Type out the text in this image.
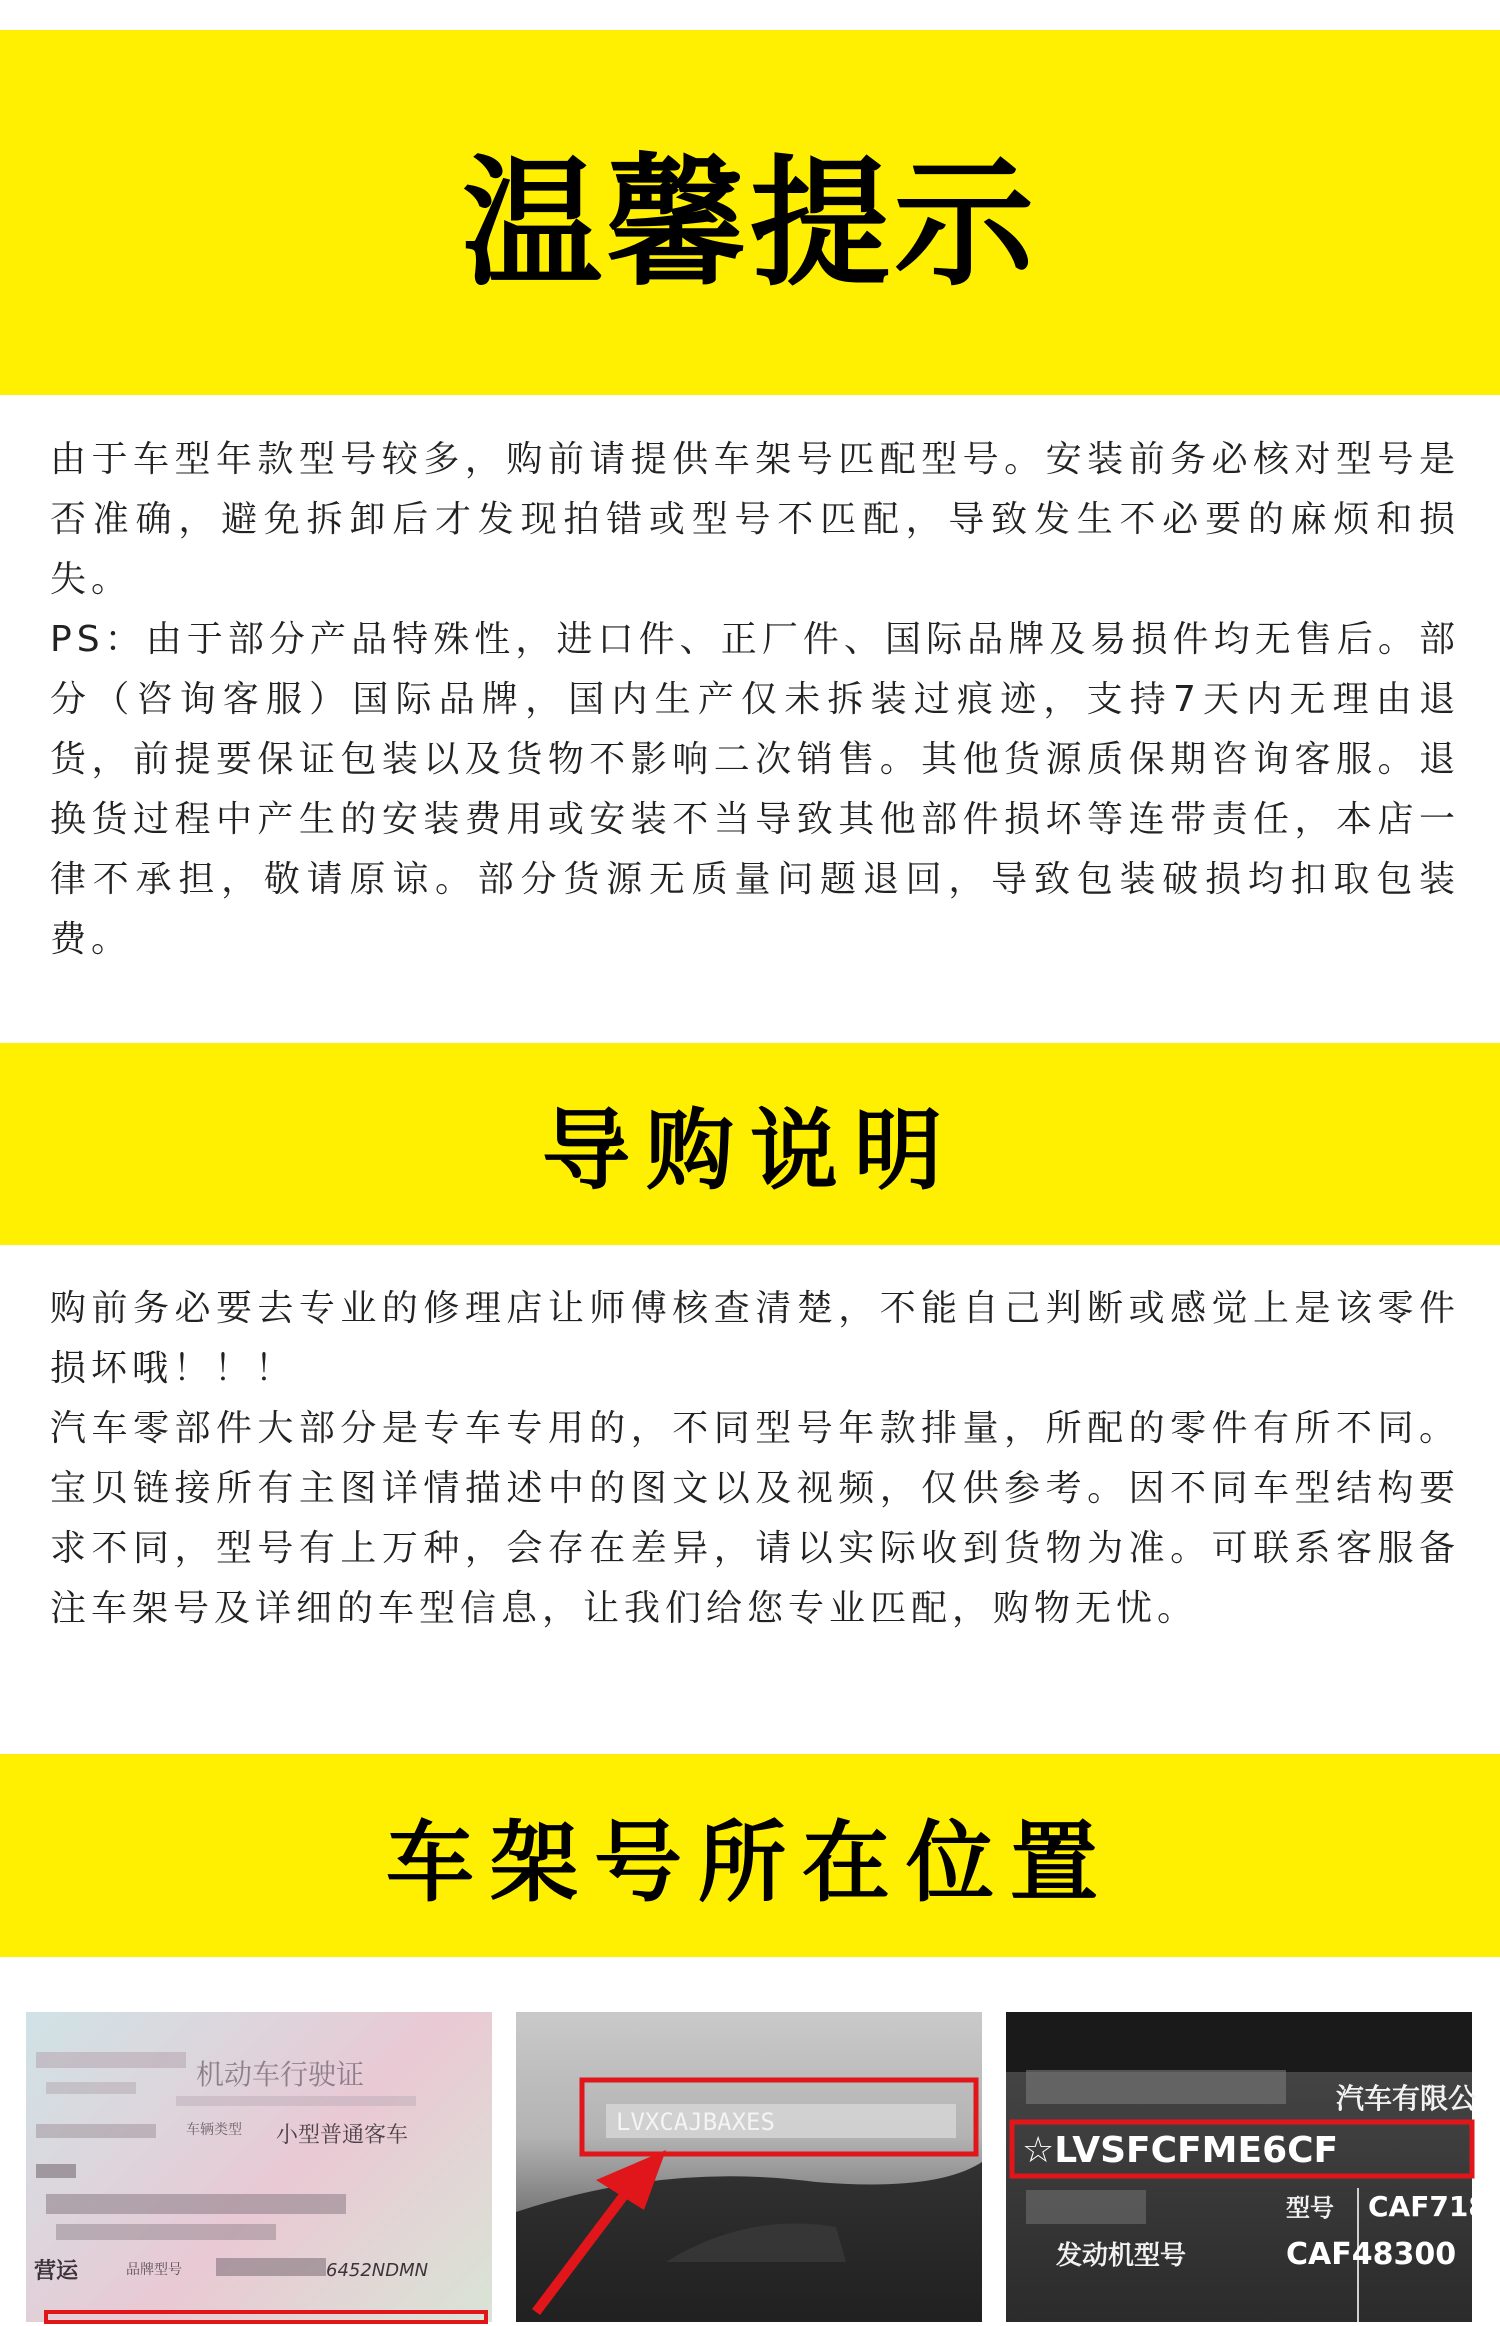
温馨提示

由于车型年款型号较多，购前请提供车架号匹配型号。安装前务必核对型号是否准确，避免拆卸后才发现拍错或型号不匹配，导致发生不必要的麻烦和损失。

PS：由于部分产品特殊性，进口件、正厂件、国际品牌及易损件均无售后。部分（咨询客服）国际品牌，国内生产仅未拆装过痕迹，支持7天内无理由退货，前提要保证包装以及货物不影响二次销售。其他货源质保期咨询客服。退换货过程中产生的安装费用或安装不当导致其他部件损坏等连带责任，本店一律不承担，敬请原谅。部分货源无质量问题退回，导致包装破损均扣取包装费。

导购说明

购前务必要去专业的修理店让师傅核查清楚，不能自己判断或感觉上是该零件损坏哦！！！

汽车零部件大部分是专车专用的，不同型号年款排量，所配的零件有所不同。宝贝链接所有主图详情描述中的图文以及视频，仅供参考。因不同车型结构要求不同，型号有上万种，会存在差异，请以实际收到货物为准。可联系客服备注车架号及详细的车型信息，让我们给您专业匹配，购物无忧。

车架号所在位置
机动车行驶证
车辆类型 小型普通客车
营运	品牌型号	6452NDMN
LVXCAJBAXES
汽车有限公
☆LVSFCFME6CF
型号 CAF718
发动机型号	CAF48300
